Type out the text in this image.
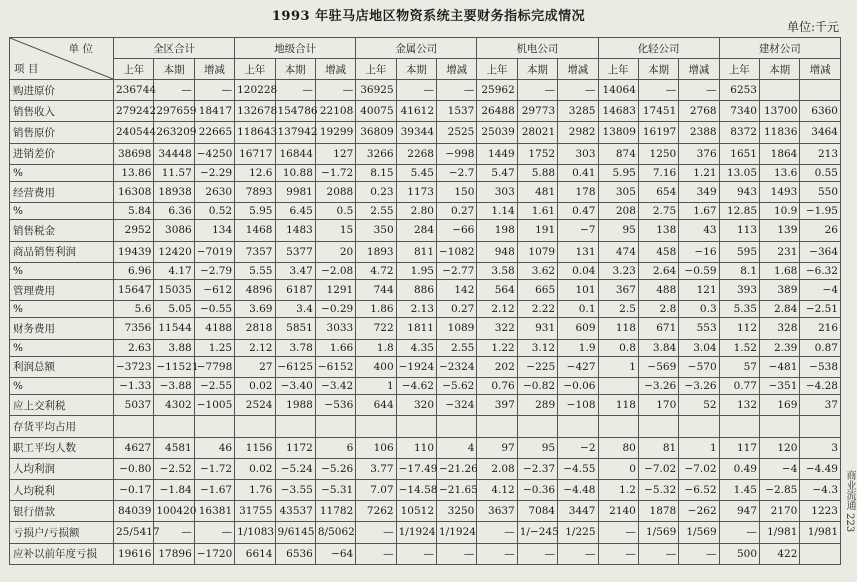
1993 年驻马店地区物资系统主要财务指标完成情况
单位:千元
商业流通 223
单 位
项 目	全区合计			地级合计			金属公司			机电公司			化轻公司			建材公司		
	上年	本期	增减	上年	本期	增减	上年	本期	增减	上年	本期	增减	上年	本期	增减	上年	本期	增减
购进原价	236744	—	—	120228	—	—	36925	—	—	25962	—	—	14064	—	—	6253		
销售收入	279242	297659	18417	132678	154786	22108	40075	41612	1537	26488	29773	3285	14683	17451	2768	7340	13700	6360
销售原价	240544	263209	22665	118643	137942	19299	36809	39344	2525	25039	28021	2982	13809	16197	2388	8372	11836	3464
进销差价	38698	34448	−4250	16717	16844	127	3266	2268	−998	1449	1752	303	874	1250	376	1651	1864	213
%	13.86	11.57	−2.29	12.6	10.88	−1.72	8.15	5.45	−2.7	5.47	5.88	0.41	5.95	7.16	1.21	13.05	13.6	0.55
经营费用	16308	18938	2630	7893	9981	2088	0.23	1173	150	303	481	178	305	654	349	943	1493	550
%	5.84	6.36	0.52	5.95	6.45	0.5	2.55	2.80	0.27	1.14	1.61	0.47	208	2.75	1.67	12.85	10.9	−1.95
销售税金	2952	3086	134	1468	1483	15	350	284	−66	198	191	−7	95	138	43	113	139	26
商品销售利润	19439	12420	−7019	7357	5377	20	1893	811	−1082	948	1079	131	474	458	−16	595	231	−364
%	6.96	4.17	−2.79	5.55	3.47	−2.08	4.72	1.95	−2.77	3.58	3.62	0.04	3.23	2.64	−0.59	8.1	1.68	−6.32
管理费用	15647	15035	−612	4896	6187	1291	744	886	142	564	665	101	367	488	121	393	389	−4
%	5.6	5.05	−0.55	3.69	3.4	−0.29	1.86	2.13	0.27	2.12	2.22	0.1	2.5	2.8	0.3	5.35	2.84	−2.51
财务费用	7356	11544	4188	2818	5851	3033	722	1811	1089	322	931	609	118	671	553	112	328	216
%	2.63	3.88	1.25	2.12	3.78	1.66	1.8	4.35	2.55	1.22	3.12	1.9	0.8	3.84	3.04	1.52	2.39	0.87
利润总额	−3723	−11521	−7798	27	−6125	−6152	400	−1924	−2324	202	−225	−427	1	−569	−570	57	−481	−538
%	−1.33	−3.88	−2.55	0.02	−3.40	−3.42	1	−4.62	−5.62	0.76	−0.82	−0.06		−3.26	−3.26	0.77	−351	−4.28
应上交利税	5037	4302	−1005	2524	1988	−536	644	320	−324	397	289	−108	118	170	52	132	169	37
存货平均占用																		
职工平均人数	4627	4581	46	1156	1172	6	106	110	4	97	95	−2	80	81	1	117	120	3
人均利润	−0.80	−2.52	−1.72	0.02	−5.24	−5.26	3.77	−17.49	−21.26	2.08	−2.37	−4.55	0	−7.02	−7.02	0.49	−4	−4.49
人均税利	−0.17	−1.84	−1.67	1.76	−3.55	−5.31	7.07	−14.58	−21.65	4.12	−0.36	−4.48	1.2	−5.32	−6.52	1.45	−2.85	−4.3
银行借款	84039	100420	16381	31755	43537	11782	7262	10512	3250	3637	7084	3447	2140	1878	−262	947	2170	1223
亏损户/亏损额	25/5417	—	—	1/1083	9/6145	8/5062	—	1/1924	1/1924	—	1/−245	1/225	—	1/569	1/569	—	1/981	1/981
应补以前年度亏损	19616	17896	−1720	6614	6536	−64	—	—	—	—	—	—	—	—	—	500	422	
